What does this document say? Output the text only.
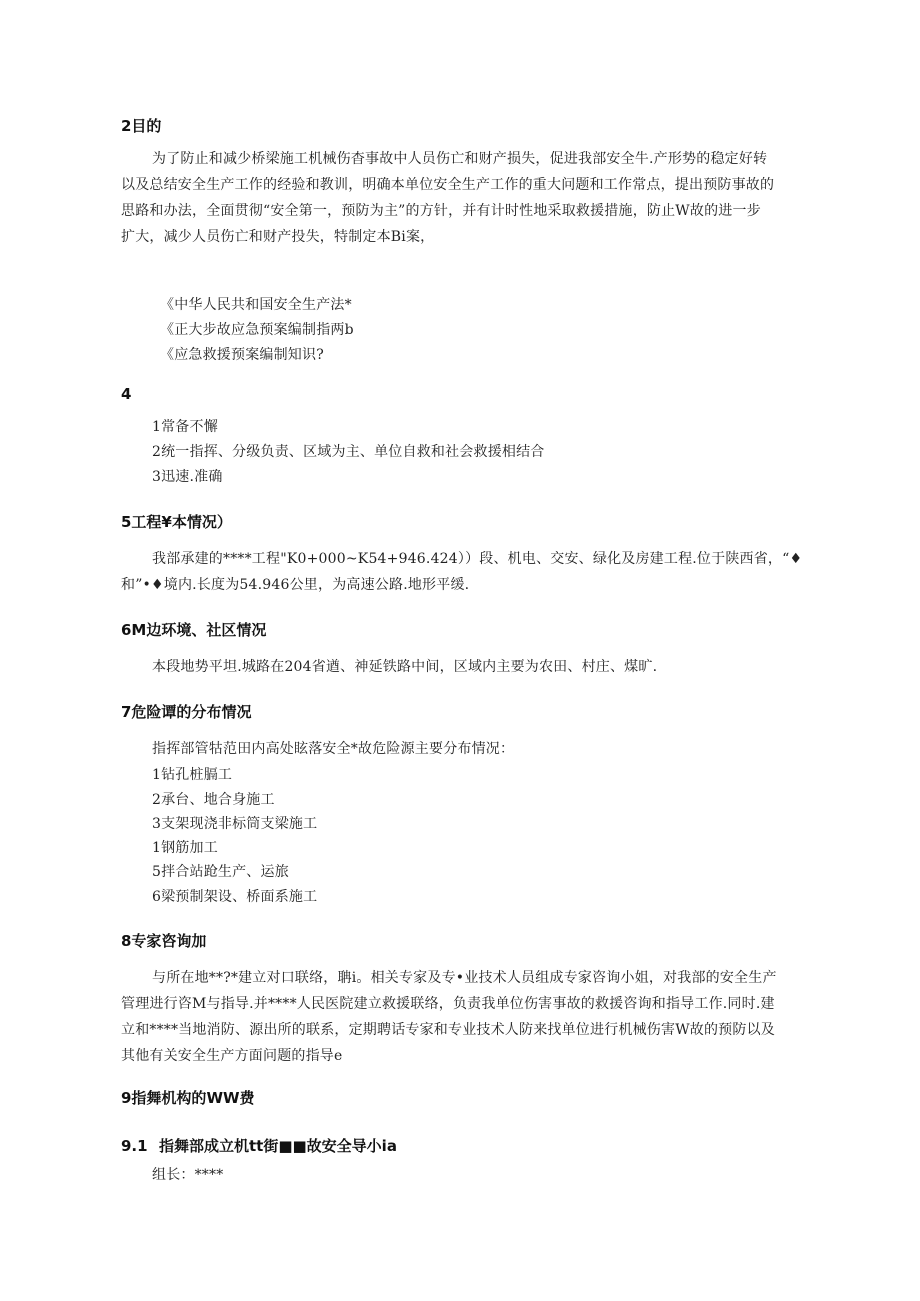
2目的
为了防止和减少桥梁施工机械伤杳事故中人员伤亡和财产损失，促进我部安全牛.产形势的稳定好转
以及总结安全生产工作的经验和教训，明确本单位安全生产工作的重大问题和工作常点，提出预防事故的
思路和办法，全面贯彻“安全第一，预防为主”的方针，并有计时性地采取救援措施，防止W故的进一步
扩大，减少人员伤亡和财产投失，特制定本Bi案，
《中华人民共和国安全生产法*
《正大步故应急预案编制指两b
《应急救援预案编制知识?
4
1常备不懈
2统一指挥、分级负责、区域为主、单位自救和社会救援相结合
3迅速.准确
5工程¥本情况）
我部承建的****工程"K0+000~K54+946.424））段、机电、交安、绿化及房建工程.位于陕西省，“♦
和”•♦境内.长度为54.946公里，为高速公路.地形平缓.
6M边环境、社区情况
本段地势平坦.城路在204省遒、神延铁路中间，区域内主要为农田、村庄、煤旷.
7危险谭的分布情况
指挥部管牯范田内高处眩落安全*故危险源主要分布情况：
1钻孔桩膈工
2承台、地合身施工
3支架现浇非标筒支梁施工
1钢筋加工
5拌合站跄生产、运旅
6梁预制架设、桥面系施工
8专家咨询加
与所在地**?*建立对口联络，聃i。相关专家及专•业技术人员组成专家咨询小姐，对我部的安全生产
管理进行咨M与指导.并****人民医院建立救援联络，负责我单位伤害事故的救援咨询和指导工作.同时.建
立和****当地消防、源出所的联系，定期聘话专家和专业技术人防来找单位进行机械伤害W故的预防以及
其他有关安全生产方面问题的指导e
9指舞机构的WW费
9.1 指舞部成立机tt街■■故安全导小ia
组长：****
